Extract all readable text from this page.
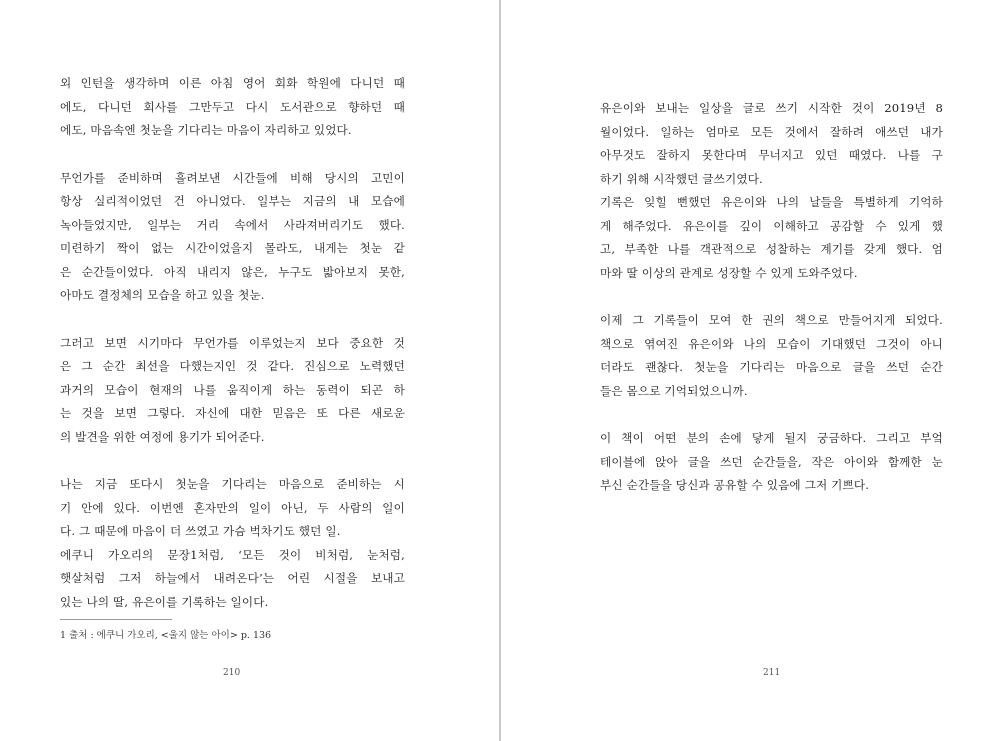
외 인턴을 생각하며 이른 아침 영어 회화 학원에 다니던 때
에도, 다니던 회사를 그만두고 다시 도서관으로 향하던 때
에도, 마음속엔 첫눈을 기다리는 마음이 자리하고 있었다.

무언가를 준비하며 흘려보낸 시간들에 비해 당시의 고민이
항상 실리적이었던 건 아니었다. 일부는 지금의 내 모습에
녹아들었지만, 일부는 거리 속에서 사라져버리기도 했다.
미련하기 짝이 없는 시간이었을지 몰라도, 내게는 첫눈 같
은 순간들이었다. 아직 내리지 않은, 누구도 밟아보지 못한,
아마도 결정체의 모습을 하고 있을 첫눈.

그러고 보면 시기마다 무언가를 이루었는지 보다 중요한 것
은 그 순간 최선을 다했는지인 것 같다. 진심으로 노력했던
과거의 모습이 현재의 나를 움직이게 하는 동력이 되곤 하
는 것을 보면 그렇다. 자신에 대한 믿음은 또 다른 새로운
의 발견을 위한 여정에 용기가 되어준다.

나는 지금 또다시 첫눈을 기다리는 마음으로 준비하는 시
기 안에 있다. 이번엔 혼자만의 일이 아닌, 두 사람의 일이
다. 그 때문에 마음이 더 쓰였고 가슴 벅차기도 했던 일.
에쿠니 가오리의 문장1처럼, ‘모든 것이 비처럼, 눈처럼,
햇살처럼 그저 하늘에서 내려온다’는 어린 시절을 보내고
있는 나의 딸, 유은이를 기록하는 일이다.

1 출처 : 에쿠니 가오리, <울지 않는 아이> p. 136
210

유은이와 보내는 일상을 글로 쓰기 시작한 것이 2019년 8
월이었다. 일하는 엄마로 모든 것에서 잘하려 애쓰던 내가
아무것도 잘하지 못한다며 무너지고 있던 때였다. 나를 구
하기 위해 시작했던 글쓰기였다.
기록은 잊힐 뻔했던 유은이와 나의 날들을 특별하게 기억하
게 해주었다. 유은이를 깊이 이해하고 공감할 수 있게 했
고, 부족한 나를 객관적으로 성찰하는 계기를 갖게 했다. 엄
마와 딸 이상의 관계로 성장할 수 있게 도와주었다.

이제 그 기록들이 모여 한 권의 책으로 만들어지게 되었다.
책으로 엮여진 유은이와 나의 모습이 기대했던 그것이 아니
더라도 괜찮다. 첫눈을 기다리는 마음으로 글을 쓰던 순간
들은 몸으로 기억되었으니까.

이 책이 어떤 분의 손에 닿게 될지 궁금하다. 그리고 부엌
테이블에 앉아 글을 쓰던 순간들을, 작은 아이와 함께한 눈
부신 순간들을 당신과 공유할 수 있음에 그저 기쁘다.

211
